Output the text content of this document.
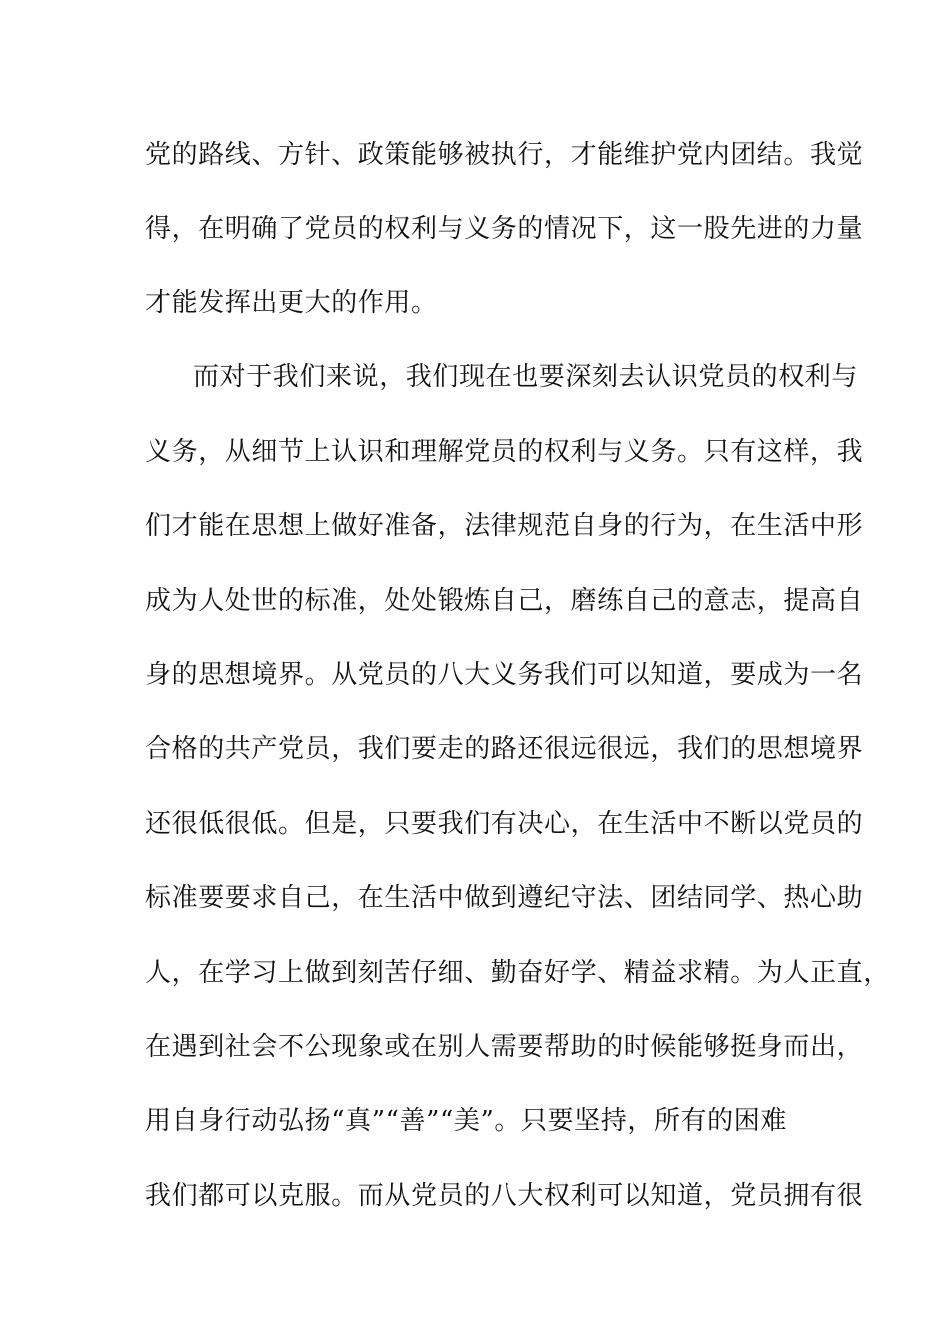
党的路线、方针、政策能够被执行，才能维护党内团结。我觉
得，在明确了党员的权利与义务的情况下，这一股先进的力量
才能发挥出更大的作用。
而对于我们来说，我们现在也要深刻去认识党员的权利与
义务，从细节上认识和理解党员的权利与义务。只有这样，我
们才能在思想上做好准备，法律规范自身的行为，在生活中形
成为人处世的标准，处处锻炼自己，磨练自己的意志，提高自
身的思想境界。从党员的八大义务我们可以知道，要成为一名
合格的共产党员，我们要走的路还很远很远，我们的思想境界
还很低很低。但是，只要我们有决心，在生活中不断以党员的
标准要要求自己，在生活中做到遵纪守法、团结同学、热心助
人，在学习上做到刻苦仔细、勤奋好学、精益求精。为人正直，
在遇到社会不公现象或在别人需要帮助的时候能够挺身而出，
用自身行动弘扬“真”“善”“美”。只要坚持，所有的困难
我们都可以克服。而从党员的八大权利可以知道，党员拥有很
